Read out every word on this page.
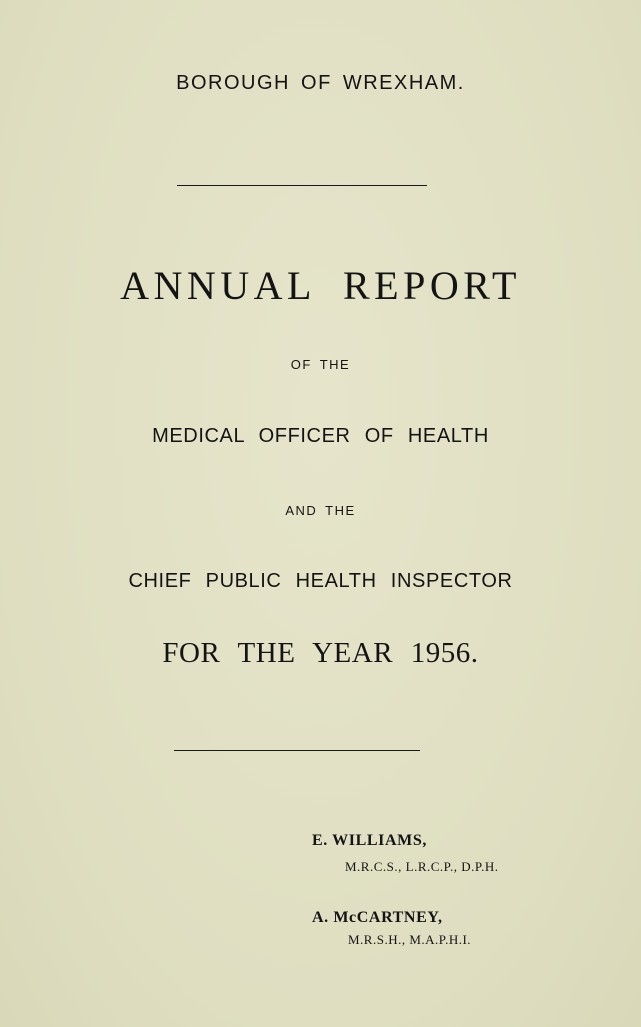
BOROUGH OF WREXHAM.
ANNUAL REPORT
OF THE
MEDICAL OFFICER OF HEALTH
AND THE
CHIEF PUBLIC HEALTH INSPECTOR
FOR THE YEAR 1956.
E. WILLIAMS,
M.R.C.S., L.R.C.P., D.P.H.
A. McCARTNEY,
M.R.S.H., M.A.P.H.I.
